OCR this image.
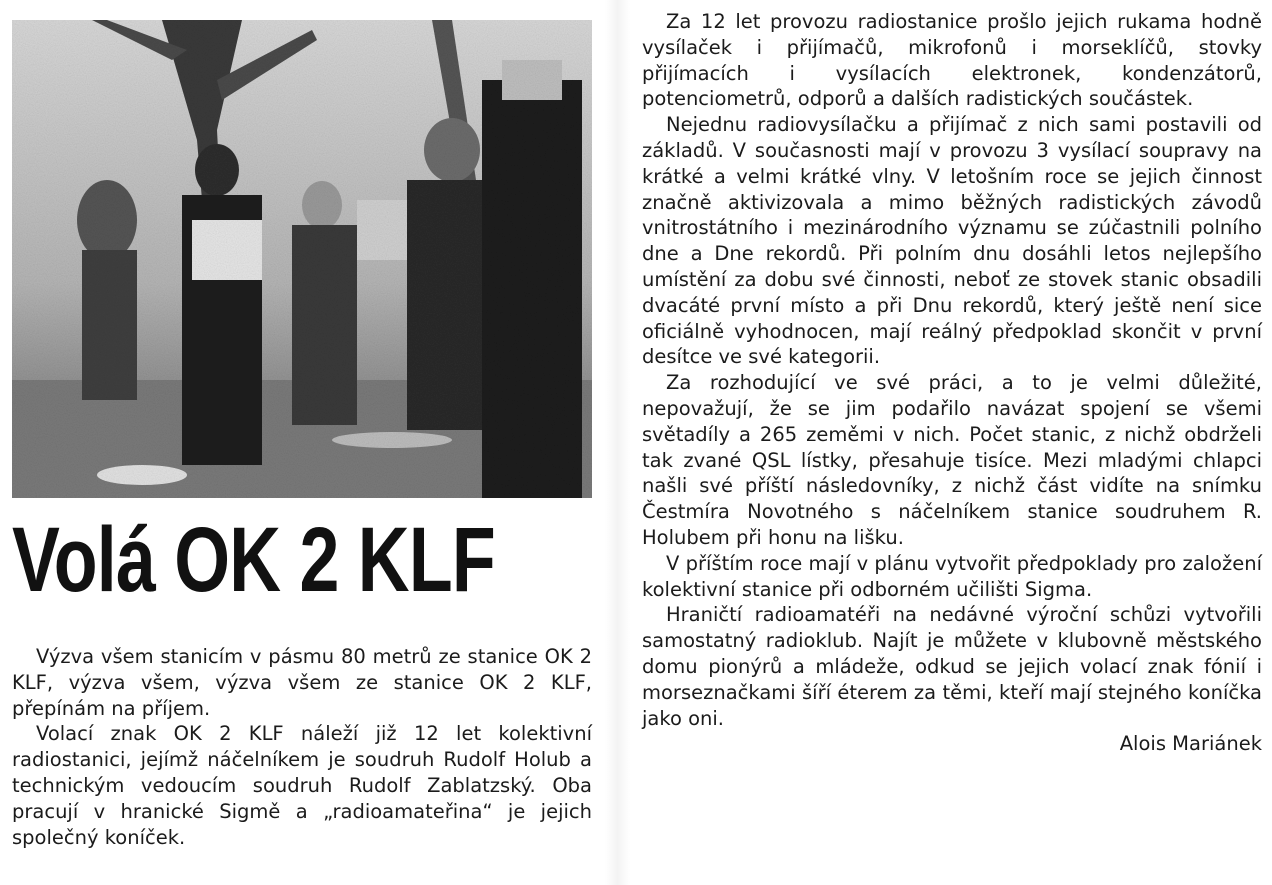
Volá OK 2 KLF

Výzva všem stanicím v pásmu 80 metrů ze stanice OK 2 KLF, výzva všem, výzva všem ze stanice OK 2 KLF, přepínám na příjem.

Volací znak OK 2 KLF náleží již 12 let kolektivní radiostanici, jejímž náčelníkem je soudruh Rudolf Holub a technickým vedoucím soudruh Rudolf Zablatzský. Oba pracují v hranické Sigmě a „radioamateřina“ je jejich společný koníček.

Za 12 let provozu radiostanice prošlo jejich rukama hodně vysílaček i přijímačů, mikrofonů i morseklíčů, stovky přijímacích i vysílacích elektronek, kondenzátorů, potenciometrů, odporů a dalších radistických součástek.

Nejednu radiovysílačku a přijímač z nich sami postavili od základů. V současnosti mají v provozu 3 vysílací soupravy na krátké a velmi krátké vlny. V letošním roce se jejich činnost značně aktivizovala a mimo běžných radistických závodů vnitrostátního i mezinárodního významu se zúčastnili polního dne a Dne rekordů. Při polním dnu dosáhli letos nejlepšího umístění za dobu své činnosti, neboť ze stovek stanic obsadili dvacáté první místo a při Dnu rekordů, který ještě není sice oficiálně vyhodnocen, mají reálný předpoklad skončit v první desítce ve své kategorii.

Za rozhodující ve své práci, a to je velmi důležité, nepovažují, že se jim podařilo navázat spojení se všemi světadíly a 265 zeměmi v nich. Počet stanic, z nichž obdrželi tak zvané QSL lístky, přesahuje tisíce. Mezi mladými chlapci našli své příští následovníky, z nichž část vidíte na snímku Čestmíra Novotného s náčelníkem stanice soudruhem R. Holubem při honu na lišku.

V příštím roce mají v plánu vytvořit předpoklady pro založení kolektivní stanice při odborném učilišti Sigma.

Hraničtí radioamatéři na nedávné výroční schůzi vytvořili samostatný radioklub. Najít je můžete v klubovně městského domu pionýrů a mládeže, odkud se jejich volací znak fónií i morseznačkami šíří éterem za těmi, kteří mají stejného koníčka jako oni.

Alois Mariánek
